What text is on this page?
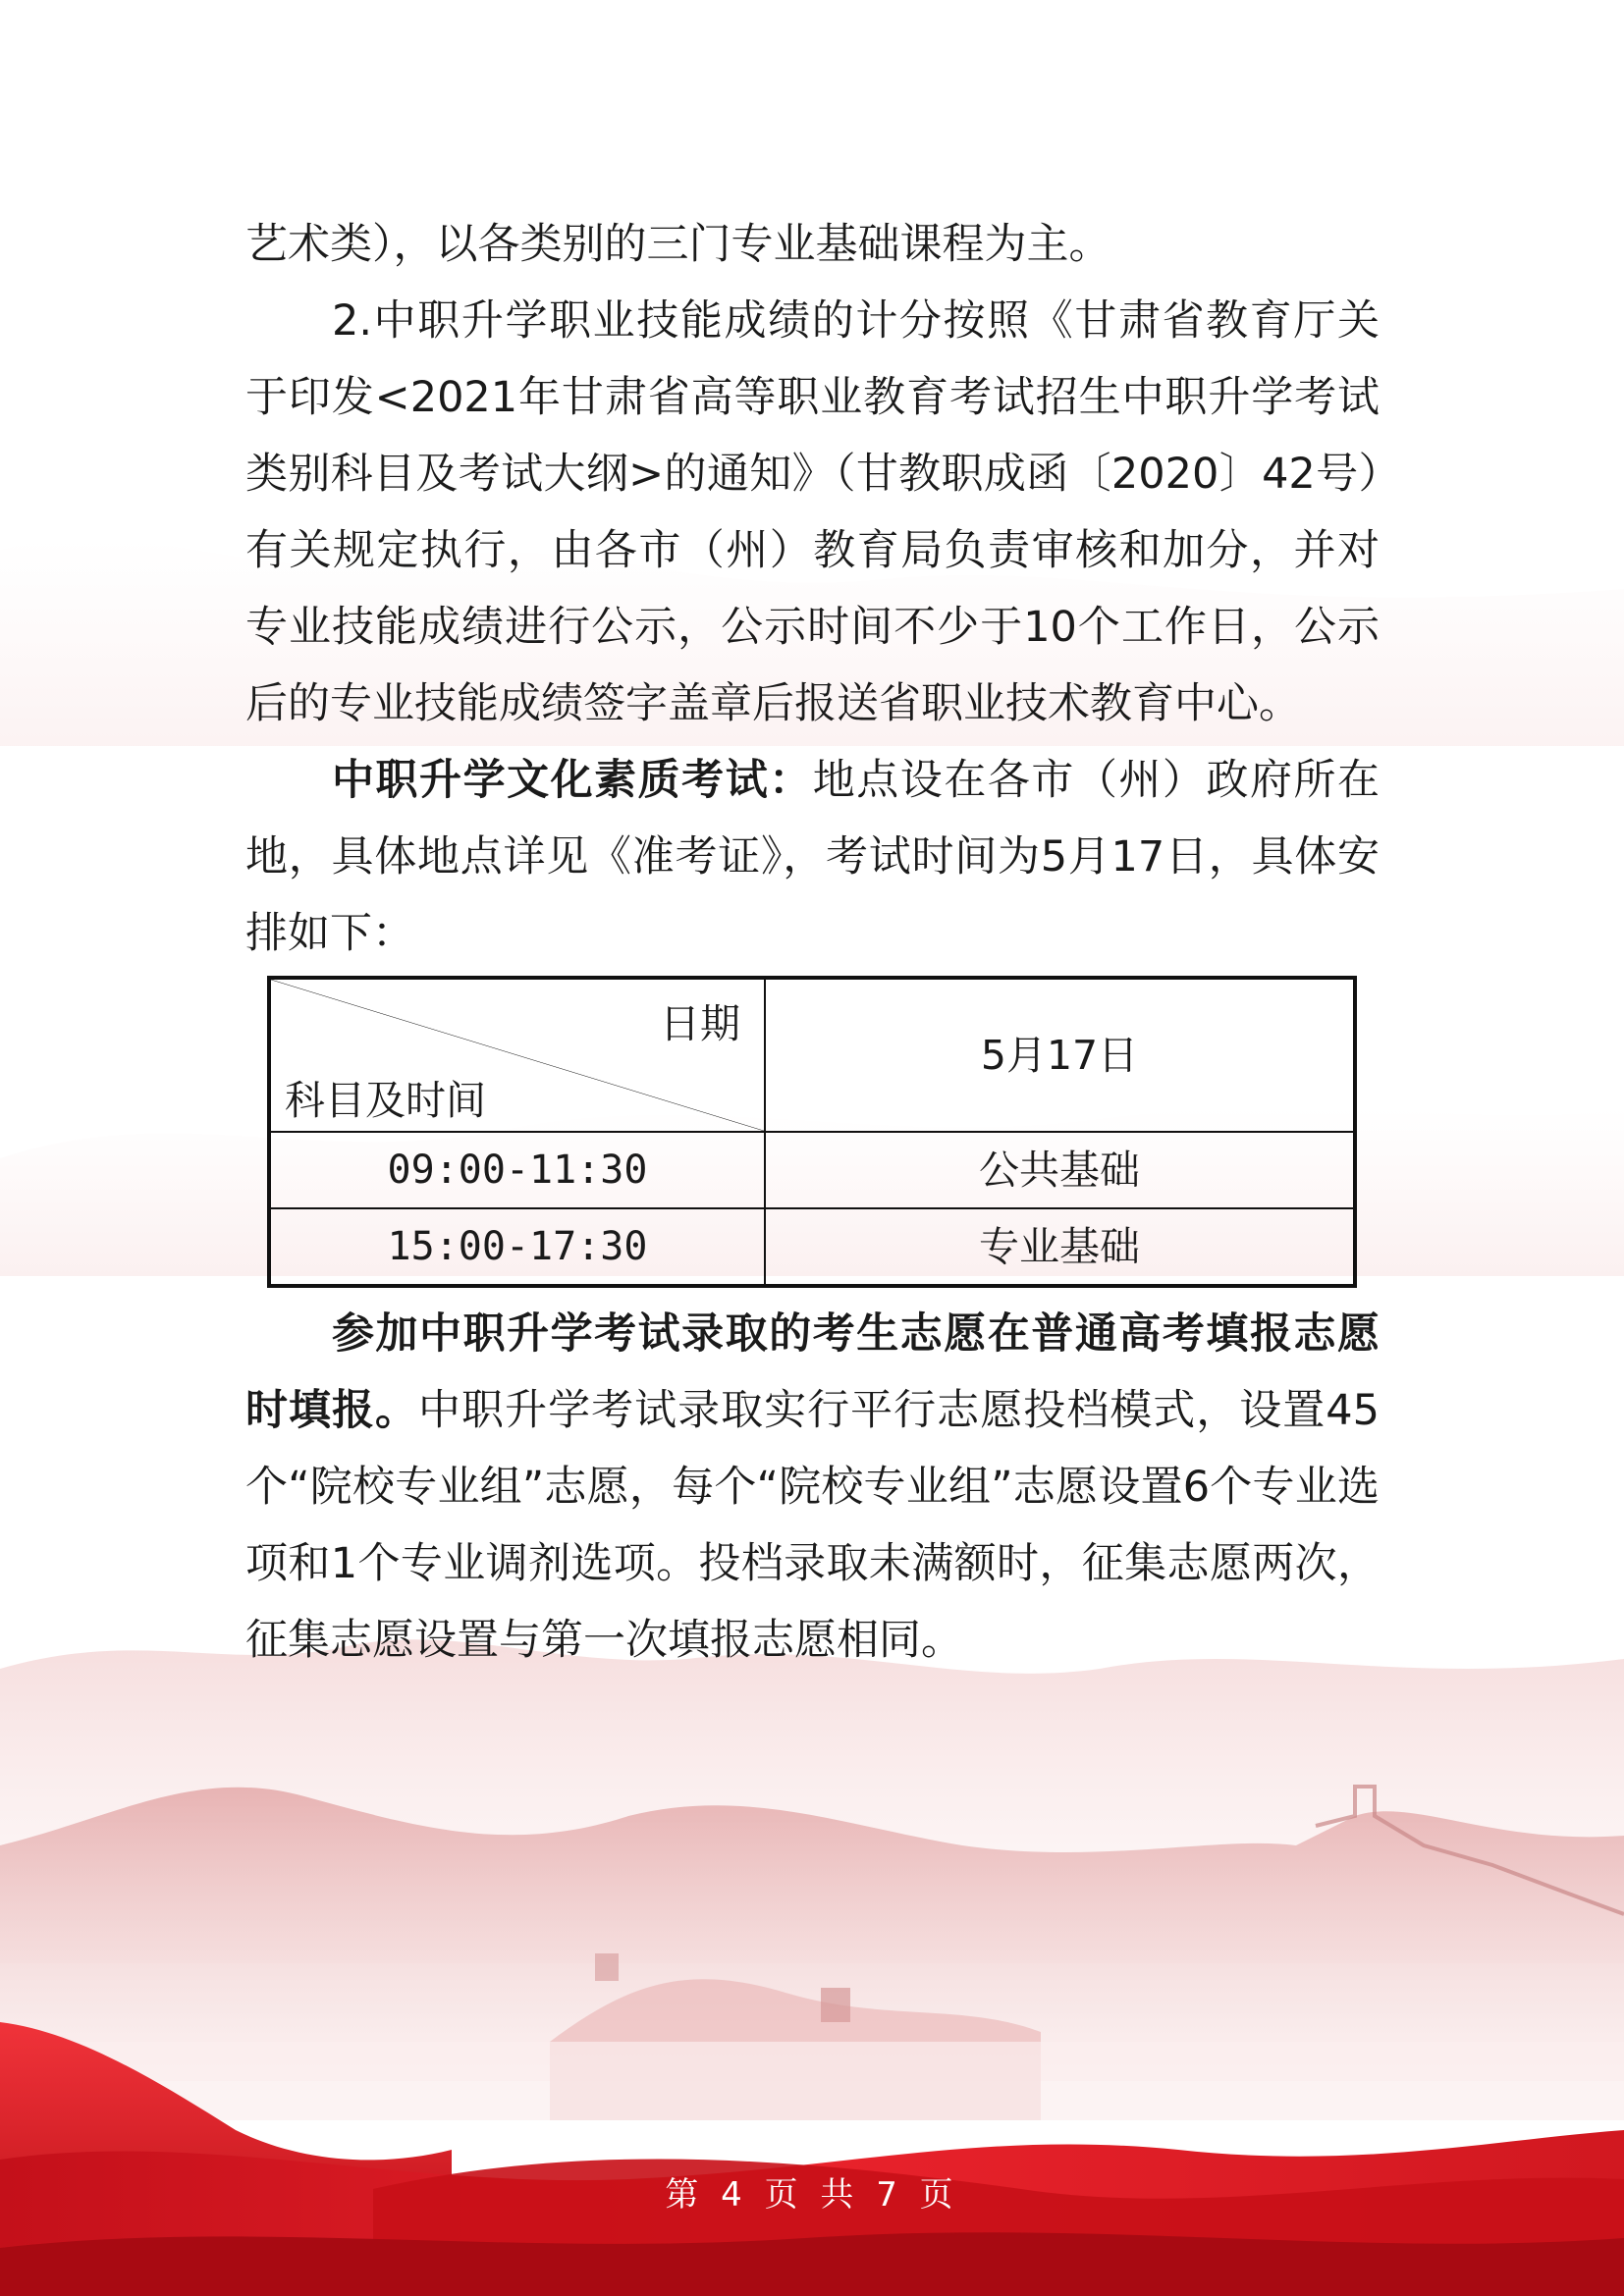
艺术类），以各类别的三门专业基础课程为主。

2.中职升学职业技能成绩的计分按照《甘肃省教育厅关于印发<2021年甘肃省高等职业教育考试招生中职升学考试类别科目及考试大纲>的通知》（甘教职成函〔2020〕42号）有关规定执行，由各市（州）教育局负责审核和加分，并对专业技能成绩进行公示，公示时间不少于10个工作日，公示后的专业技能成绩签字盖章后报送省职业技术教育中心。

中职升学文化素质考试：地点设在各市（州）政府所在地，具体地点详见《准考证》，考试时间为5月17日，具体安排如下：

日期
科目及时间	5月17日
09:00-11:30	公共基础
15:00-17:30	专业基础

参加中职升学考试录取的考生志愿在普通高考填报志愿时填报。中职升学考试录取实行平行志愿投档模式，设置45个“院校专业组”志愿，每个“院校专业组”志愿设置6个专业选项和1个专业调剂选项。投档录取未满额时，征集志愿两次，征集志愿设置与第一次填报志愿相同。

第 4 页 共 7 页
